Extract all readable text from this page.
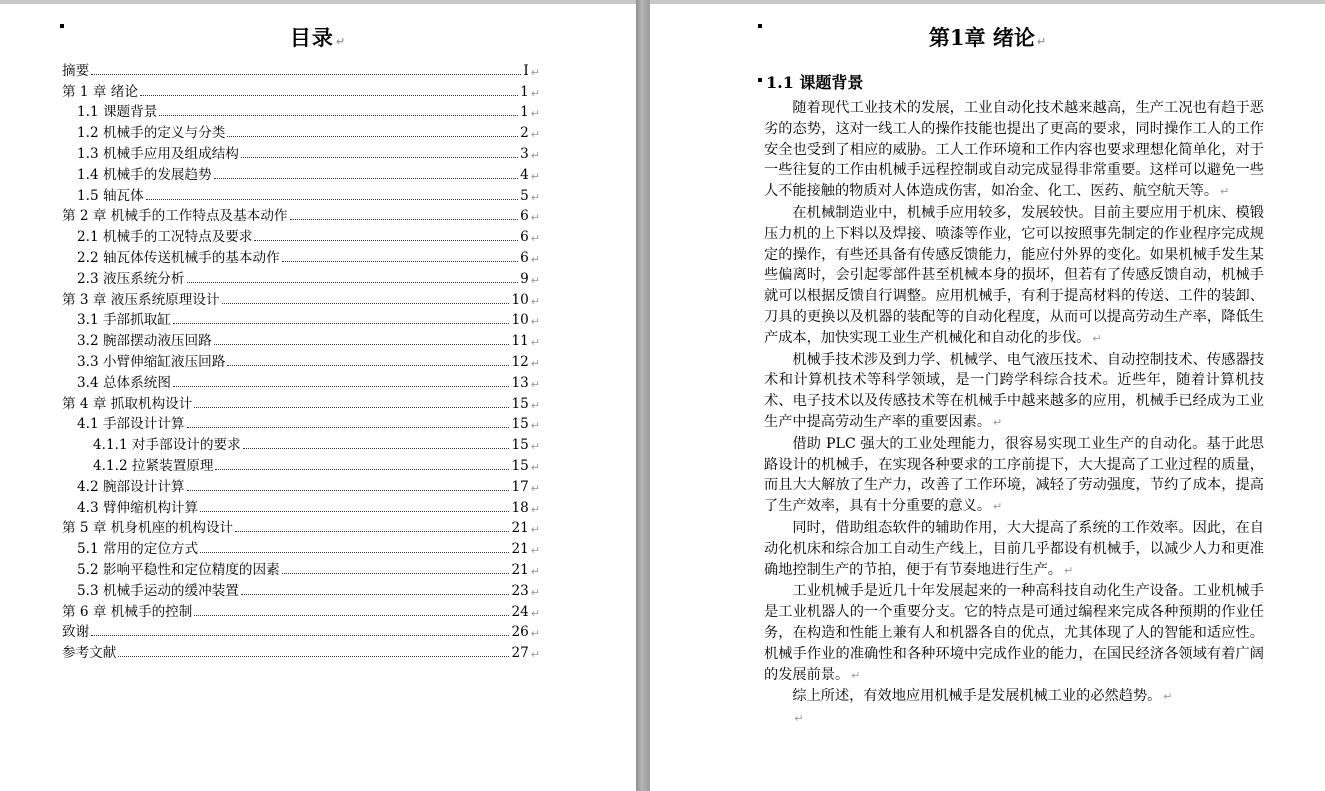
目录 ↵
摘要	I ↵
第 1 章 绪论	1 ↵
1.1 课题背景	1 ↵
1.2 机械手的定义与分类	2 ↵
1.3 机械手应用及组成结构	3 ↵
1.4 机械手的发展趋势	4 ↵
1.5 轴瓦体	5 ↵
第 2 章 机械手的工作特点及基本动作	6 ↵
2.1 机械手的工况特点及要求	6 ↵
2.2 轴瓦体传送机械手的基本动作	6 ↵
2.3 液压系统分析	9 ↵
第 3 章 液压系统原理设计	10 ↵
3.1 手部抓取缸	10 ↵
3.2 腕部摆动液压回路	11 ↵
3.3 小臂伸缩缸液压回路	12 ↵
3.4 总体系统图	13 ↵
第 4 章 抓取机构设计	15 ↵
4.1 手部设计计算	15 ↵
4.1.1 对手部设计的要求	15 ↵
4.1.2 拉紧装置原理	15 ↵
4.2 腕部设计计算	17 ↵
4.3 臂伸缩机构计算	18 ↵
第 5 章 机身机座的机构设计	21 ↵
5.1 常用的定位方式	21 ↵
5.2 影响平稳性和定位精度的因素	21 ↵
5.3 机械手运动的缓冲装置	23 ↵
第 6 章 机械手的控制	24 ↵
致谢	26 ↵
参考文献	27 ↵
第1章 绪论 ↵
1.1 课题背景

随着现代工业技术的发展，工业自动化技术越来越高，生产工况也有趋于恶劣的态势，这对一线工人的操作技能也提出了更高的要求，同时操作工人的工作安全也受到了相应的威胁。工人工作环境和工作内容也要求理想化简单化，对于一些往复的工作由机械手远程控制或自动完成显得非常重要。这样可以避免一些人不能接触的物质对人体造成伤害，如冶金、化工、医药、航空航天等。 ↵

在机械制造业中，机械手应用较多，发展较快。目前主要应用于机床、模锻压力机的上下料以及焊接、喷漆等作业，它可以按照事先制定的作业程序完成规定的操作，有些还具备有传感反馈能力，能应付外界的变化。如果机械手发生某些偏离时，会引起零部件甚至机械本身的损坏，但若有了传感反馈自动，机械手就可以根据反馈自行调整。应用机械手，有利于提高材料的传送、工件的装卸、刀具的更换以及机器的装配等的自动化程度，从而可以提高劳动生产率，降低生产成本，加快实现工业生产机械化和自动化的步伐。 ↵

机械手技术涉及到力学、机械学、电气液压技术、自动控制技术、传感器技术和计算机技术等科学领域，是一门跨学科综合技术。近些年，随着计算机技术、电子技术以及传感技术等在机械手中越来越多的应用，机械手已经成为工业生产中提高劳动生产率的重要因素。 ↵

借助 PLC 强大的工业处理能力，很容易实现工业生产的自动化。基于此思路设计的机械手，在实现各种要求的工序前提下，大大提高了工业过程的质量，而且大大解放了生产力，改善了工作环境，减轻了劳动强度，节约了成本，提高了生产效率，具有十分重要的意义。 ↵

同时，借助组态软件的辅助作用，大大提高了系统的工作效率。因此，在自动化机床和综合加工自动生产线上，目前几乎都设有机械手，以减少人力和更准确地控制生产的节拍，便于有节奏地进行生产。 ↵

工业机械手是近几十年发展起来的一种高科技自动化生产设备。工业机械手是工业机器人的一个重要分支。它的特点是可通过编程来完成各种预期的作业任务，在构造和性能上兼有人和机器各自的优点，尤其体现了人的智能和适应性。机械手作业的准确性和各种环境中完成作业的能力，在国民经济各领域有着广阔的发展前景。 ↵

综上所述，有效地应用机械手是发展机械工业的必然趋势。 ↵

↵
